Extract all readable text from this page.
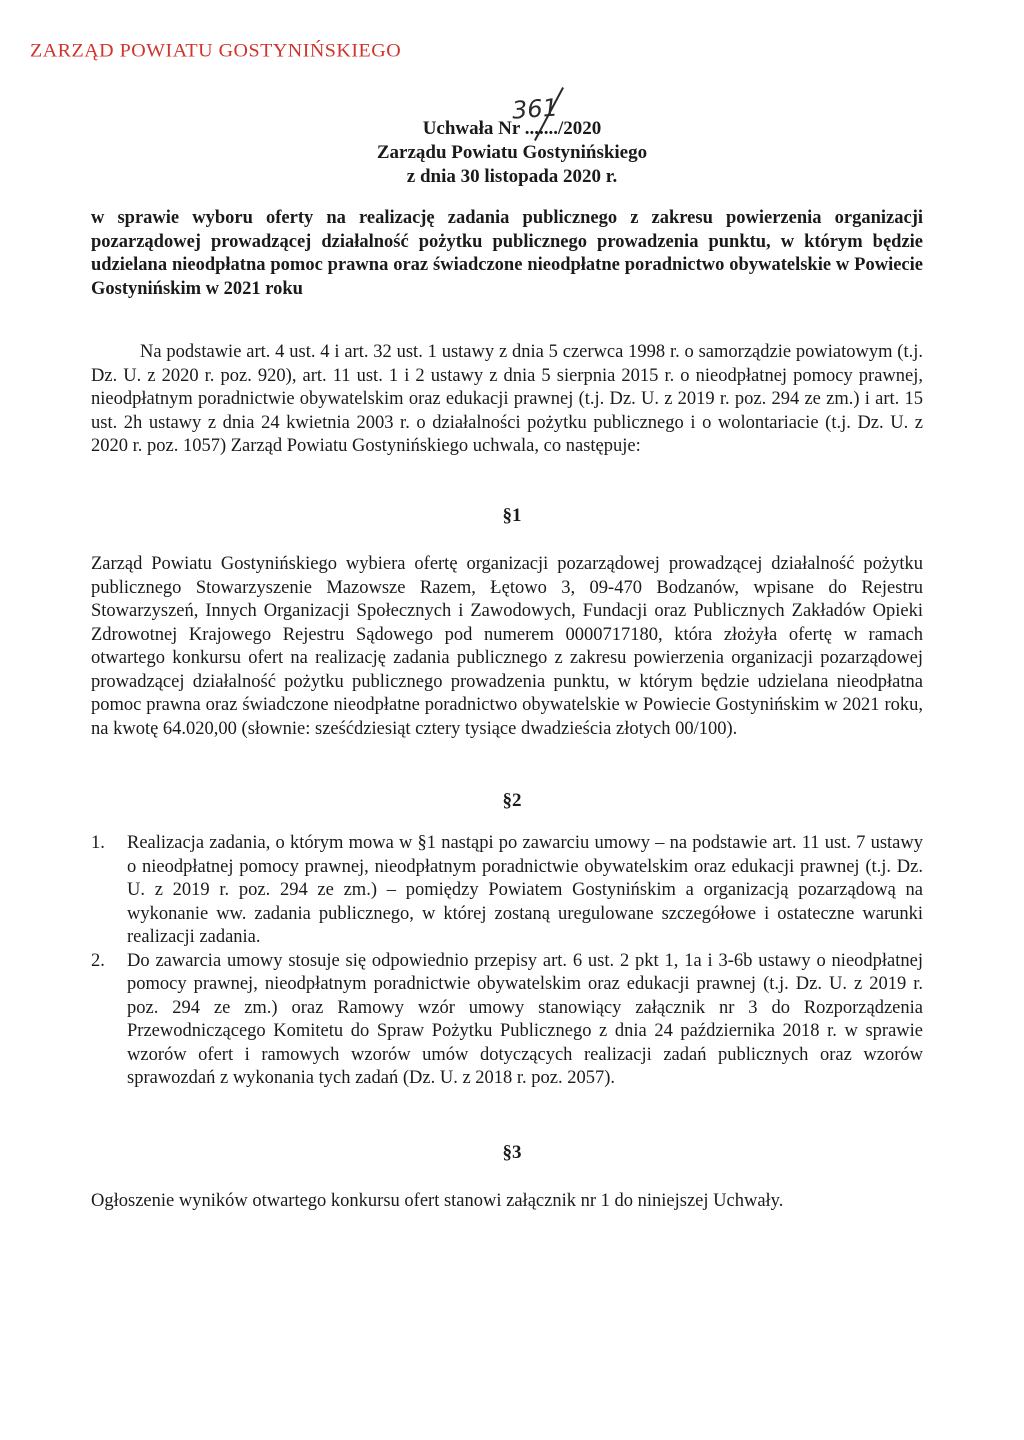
ZARZĄD POWIATU GOSTYNIŃSKIEGO
361
Uchwała Nr ......./2020
Zarządu Powiatu Gostynińskiego
z dnia 30 listopada 2020 r.
w sprawie wyboru oferty na realizację zadania publicznego z zakresu powierzenia organizacji pozarządowej prowadzącej działalność pożytku publicznego prowadzenia punktu, w którym będzie udzielana nieodpłatna pomoc prawna oraz świadczone nieodpłatne poradnictwo obywatelskie w Powiecie Gostynińskim w 2021 roku
Na podstawie art. 4 ust. 4 i art. 32 ust. 1 ustawy z dnia 5 czerwca 1998 r. o samorządzie powiatowym (t.j. Dz. U. z 2020 r. poz. 920), art. 11 ust. 1 i 2 ustawy z dnia 5 sierpnia 2015 r. o nieodpłatnej pomocy prawnej, nieodpłatnym poradnictwie obywatelskim oraz edukacji prawnej (t.j. Dz. U. z 2019 r. poz. 294 ze zm.) i art. 15 ust. 2h ustawy z dnia 24 kwietnia 2003 r. o działalności pożytku publicznego i o wolontariacie (t.j. Dz. U. z 2020 r. poz. 1057) Zarząd Powiatu Gostynińskiego uchwala, co następuje:
§1
Zarząd Powiatu Gostynińskiego wybiera ofertę organizacji pozarządowej prowadzącej działalność pożytku publicznego Stowarzyszenie Mazowsze Razem, Łętowo 3, 09-470 Bodzanów, wpisane do Rejestru Stowarzyszeń, Innych Organizacji Społecznych i Zawodowych, Fundacji oraz Publicznych Zakładów Opieki Zdrowotnej Krajowego Rejestru Sądowego pod numerem 0000717180, która złożyła ofertę w ramach otwartego konkursu ofert na realizację zadania publicznego z zakresu powierzenia organizacji pozarządowej prowadzącej działalność pożytku publicznego prowadzenia punktu, w którym będzie udzielana nieodpłatna pomoc prawna oraz świadczone nieodpłatne poradnictwo obywatelskie w Powiecie Gostynińskim w 2021 roku, na kwotę 64.020,00 (słownie: sześćdziesiąt cztery tysiące dwadzieścia złotych 00/100).
§2
1. Realizacja zadania, o którym mowa w §1 nastąpi po zawarciu umowy – na podstawie art. 11 ust. 7 ustawy o nieodpłatnej pomocy prawnej, nieodpłatnym poradnictwie obywatelskim oraz edukacji prawnej (t.j. Dz. U. z 2019 r. poz. 294 ze zm.) – pomiędzy Powiatem Gostynińskim a organizacją pozarządową na wykonanie ww. zadania publicznego, w której zostaną uregulowane szczegółowe i ostateczne warunki realizacji zadania.
2. Do zawarcia umowy stosuje się odpowiednio przepisy art. 6 ust. 2 pkt 1, 1a i 3-6b ustawy o nieodpłatnej pomocy prawnej, nieodpłatnym poradnictwie obywatelskim oraz edukacji prawnej (t.j. Dz. U. z 2019 r. poz. 294 ze zm.) oraz Ramowy wzór umowy stanowiący załącznik nr 3 do Rozporządzenia Przewodniczącego Komitetu do Spraw Pożytku Publicznego z dnia 24 października 2018 r. w sprawie wzorów ofert i ramowych wzorów umów dotyczących realizacji zadań publicznych oraz wzorów sprawozdań z wykonania tych zadań (Dz. U. z 2018 r. poz. 2057).
§3
Ogłoszenie wyników otwartego konkursu ofert stanowi załącznik nr 1 do niniejszej Uchwały.
